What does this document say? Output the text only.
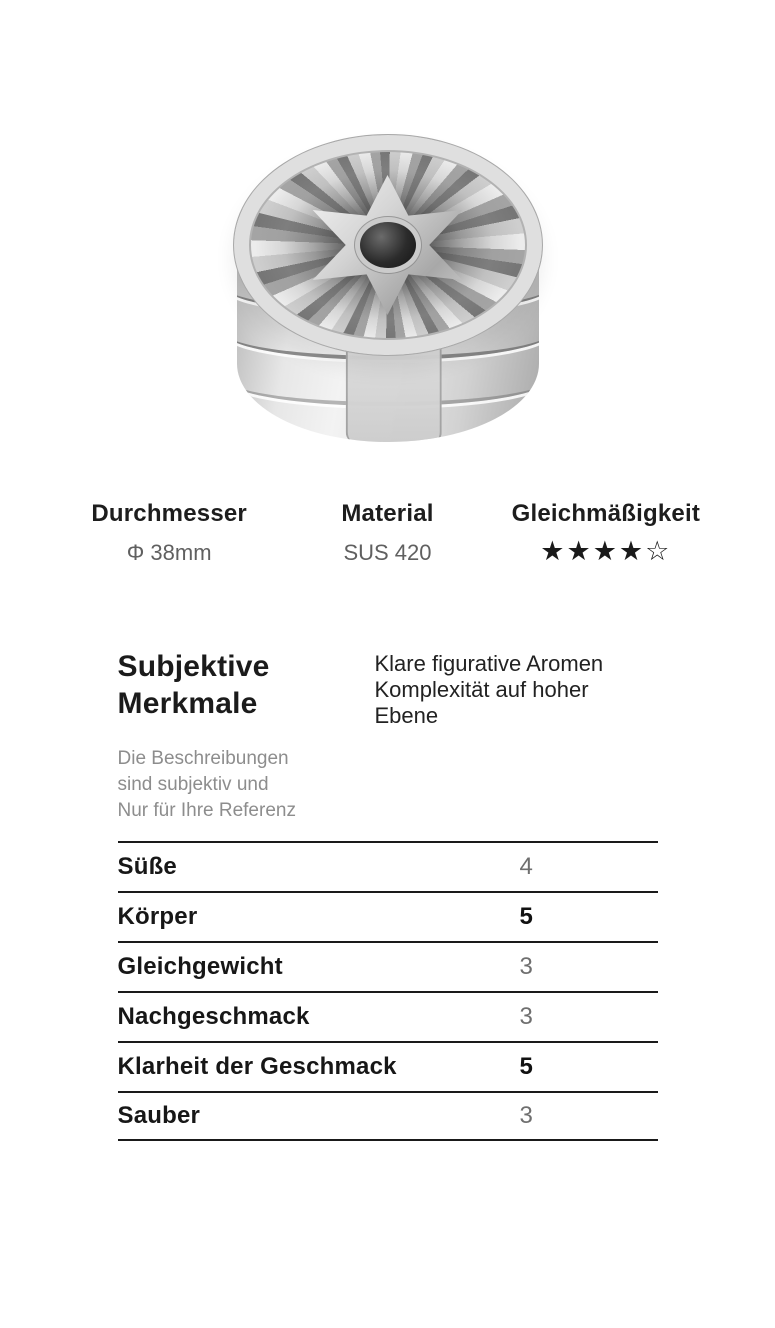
Durchmesser
Φ 38mm
Material
SUS 420
Gleichmäßigkeit
★★★★☆
Subjektive Merkmale
Die Beschreibungen
sind subjektiv und
Nur für Ihre Referenz
Klare figurative Aromen
Komplexität auf hoher Ebene
Süße	4
Körper	5
Gleichgewicht	3
Nachgeschmack	3
Klarheit der Geschmack	5
Sauber	3
